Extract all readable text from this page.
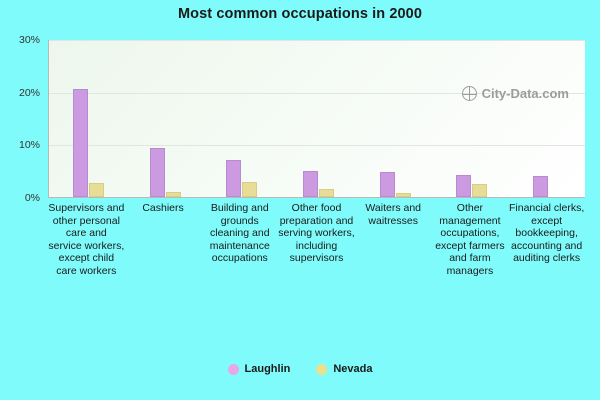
Most common occupations in 2000
0%
10%
20%
30%
City-Data.com
Supervisors and other personal care and service workers, except child care workers
Cashiers	Building and grounds cleaning and maintenance occupations
Other food preparation and serving workers, including supervisors
Waiters and waitresses
Other management occupations, except farmers and farm managers
Financial clerks, except bookkeeping, accounting and auditing clerks
Laughlin	Nevada
